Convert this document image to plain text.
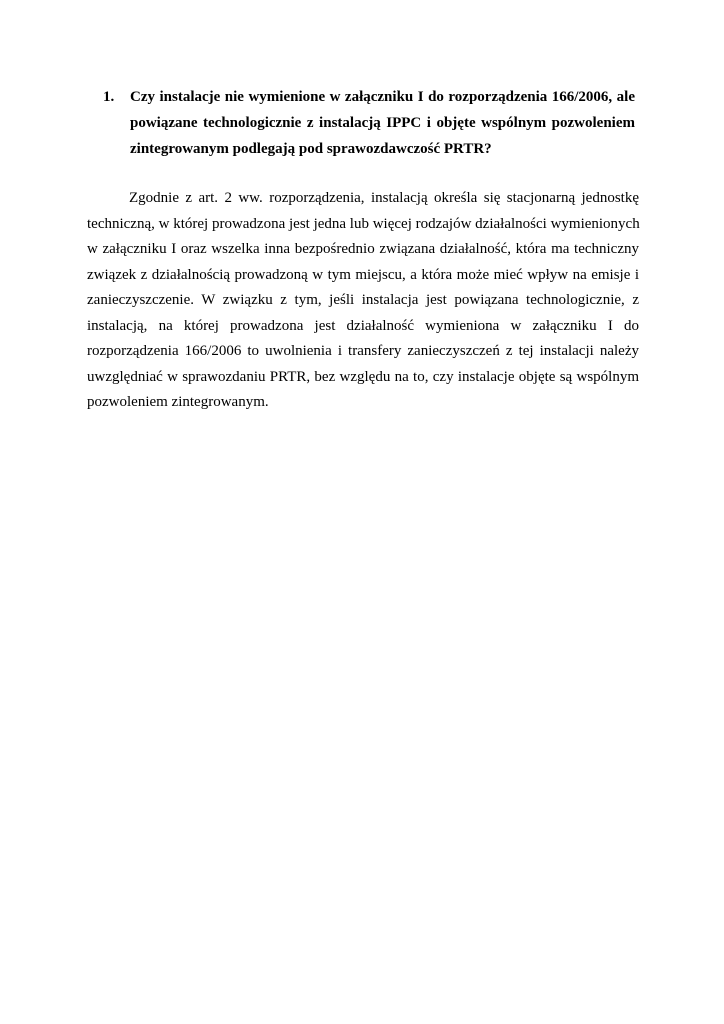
1.	Czy instalacje nie wymienione w załączniku I do rozporządzenia 166/2006, ale
powiązane technologicznie z instalacją IPPC i objęte wspólnym pozwoleniem
zintegrowanym podlegają pod sprawozdawczość PRTR?
Zgodnie z art. 2 ww. rozporządzenia, instalacją określa się stacjonarną jednostkę
techniczną, w której prowadzona jest jedna lub więcej rodzajów działalności wymienionych
w załączniku I oraz wszelka inna bezpośrednio związana działalność, która ma techniczny
związek z działalnością prowadzoną w tym miejscu, a która może mieć wpływ na emisje i
zanieczyszczenie. W związku z tym, jeśli instalacja jest powiązana technologicznie, z
instalacją, na której prowadzona jest działalność wymieniona w załączniku I do
rozporządzenia 166/2006 to uwolnienia i transfery zanieczyszczeń z tej instalacji należy
uwzględniać w sprawozdaniu PRTR, bez względu na to, czy instalacje objęte są wspólnym
pozwoleniem zintegrowanym.
